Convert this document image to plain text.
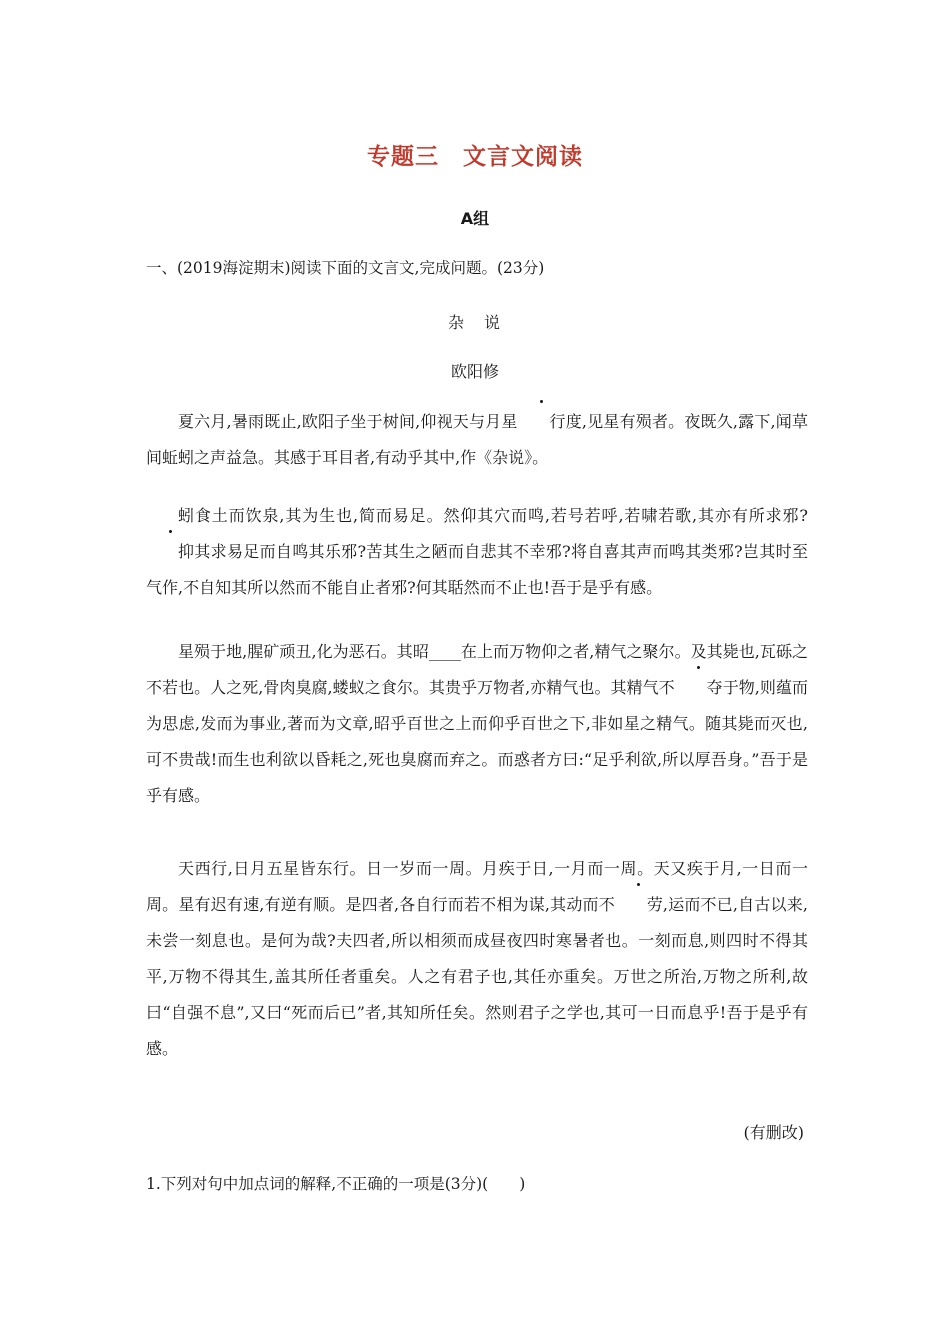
专题三　文言文阅读
A组
一、(2019海淀期末)阅读下面的文言文,完成问题。(23分)
杂　说
欧阳修

夏六月,暑雨既止,欧阳子坐于树间,仰视天与月星 行度,见星有殒者。夜既久,露下,闻草间蚯蚓之声益急。其感于耳目者,有动乎其中,作《杂说》。

蚓食土而饮泉,其为生也,简而易足。然仰其穴而鸣,若号若呼,若啸若歌,其亦有所求邪?抑其求易足而自鸣其乐邪?苦其生之陋而自悲其不幸邪?将自喜其声而鸣其类邪?岂其时至气作,不自知其所以然而不能自止者邪?何其聒然而不止也!吾于是乎有感。

星殒于地,腥矿顽丑,化为恶石。其昭____在上而万物仰之者,精气之聚尔。及其毙也,瓦砾之不若也。人之死,骨肉臭腐,蝼蚁之食尔。其贵乎万物者,亦精气也。其精气不 夺于物,则蕴而为思虑,发而为事业,著而为文章,昭乎百世之上而仰乎百世之下,非如星之精气。随其毙而灭也,可不贵哉!而生也利欲以昏耗之,死也臭腐而弃之。而惑者方曰:“足乎利欲,所以厚吾身。”吾于是乎有感。

天西行,日月五星皆东行。日一岁而一周。月疾于日,一月而一周。天又疾于月,一日而一周。星有迟有速,有逆有顺。是四者,各自行而若不相为谋,其动而不 劳,运而不已,自古以来,未尝一刻息也。是何为哉?夫四者,所以相须而成昼夜四时寒暑者也。一刻而息,则四时不得其平,万物不得其生,盖其所任者重矣。人之有君子也,其任亦重矣。万世之所治,万物之所利,故曰“自强不息”,又曰“死而后已”者,其知所任矣。然则君子之学也,其可一日而息乎!吾于是乎有感。

(有删改)
1.下列对句中加点词的解释,不正确的一项是(3分)(　　)
